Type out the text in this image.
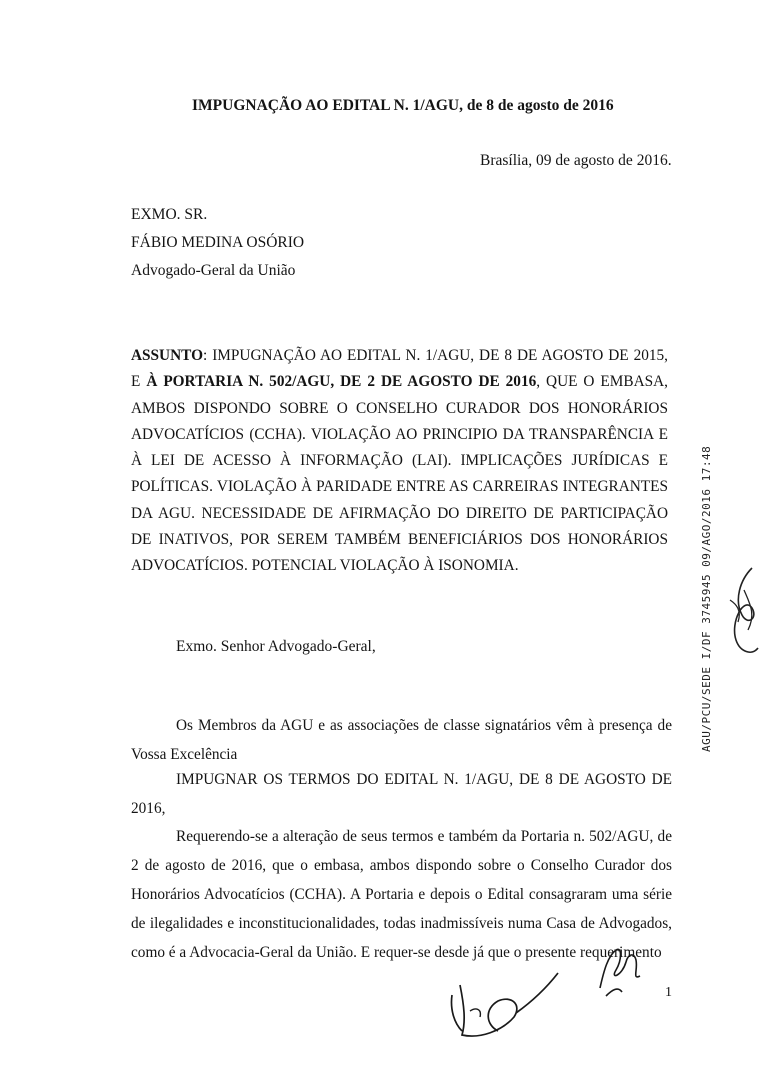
IMPUGNAÇÃO AO EDITAL N. 1/AGU, de 8 de agosto de 2016
Brasília, 09 de agosto de 2016.
EXMO. SR.
FÁBIO MEDINA OSÓRIO
Advogado-Geral da União
ASSUNTO: IMPUGNAÇÃO AO EDITAL N. 1/AGU, DE 8 DE AGOSTO DE 2015, E À PORTARIA N. 502/AGU, DE 2 DE AGOSTO DE 2016, QUE O EMBASA, AMBOS DISPONDO SOBRE O CONSELHO CURADOR DOS HONORÁRIOS ADVOCATÍCIOS (CCHA). VIOLAÇÃO AO PRINCIPIO DA TRANSPARÊNCIA E À LEI DE ACESSO À INFORMAÇÃO (LAI). IMPLICAÇÕES JURÍDICAS E POLÍTICAS. VIOLAÇÃO À PARIDADE ENTRE AS CARREIRAS INTEGRANTES DA AGU. NECESSIDADE DE AFIRMAÇÃO DO DIREITO DE PARTICIPAÇÃO DE INATIVOS, POR SEREM TAMBÉM BENEFICIÁRIOS DOS HONORÁRIOS ADVOCATÍCIOS. POTENCIAL VIOLAÇÃO À ISONOMIA.
Exmo. Senhor Advogado-Geral,
Os Membros da AGU e as associações de classe signatários vêm à presença de Vossa Excelência
IMPUGNAR OS TERMOS DO EDITAL N. 1/AGU, DE 8 DE AGOSTO DE 2016,
Requerendo-se a alteração de seus termos e também da Portaria n. 502/AGU, de 2 de agosto de 2016, que o embasa, ambos dispondo sobre o Conselho Curador dos Honorários Advocatícios (CCHA). A Portaria e depois o Edital consagraram uma série de ilegalidades e inconstitucionalidades, todas inadmissíveis numa Casa de Advogados, como é a Advocacia-Geral da União. E requer-se desde já que o presente requerimento
1
AGU/PCU/SEDE I/DF 3745945 09/AGO/2016 17:48
